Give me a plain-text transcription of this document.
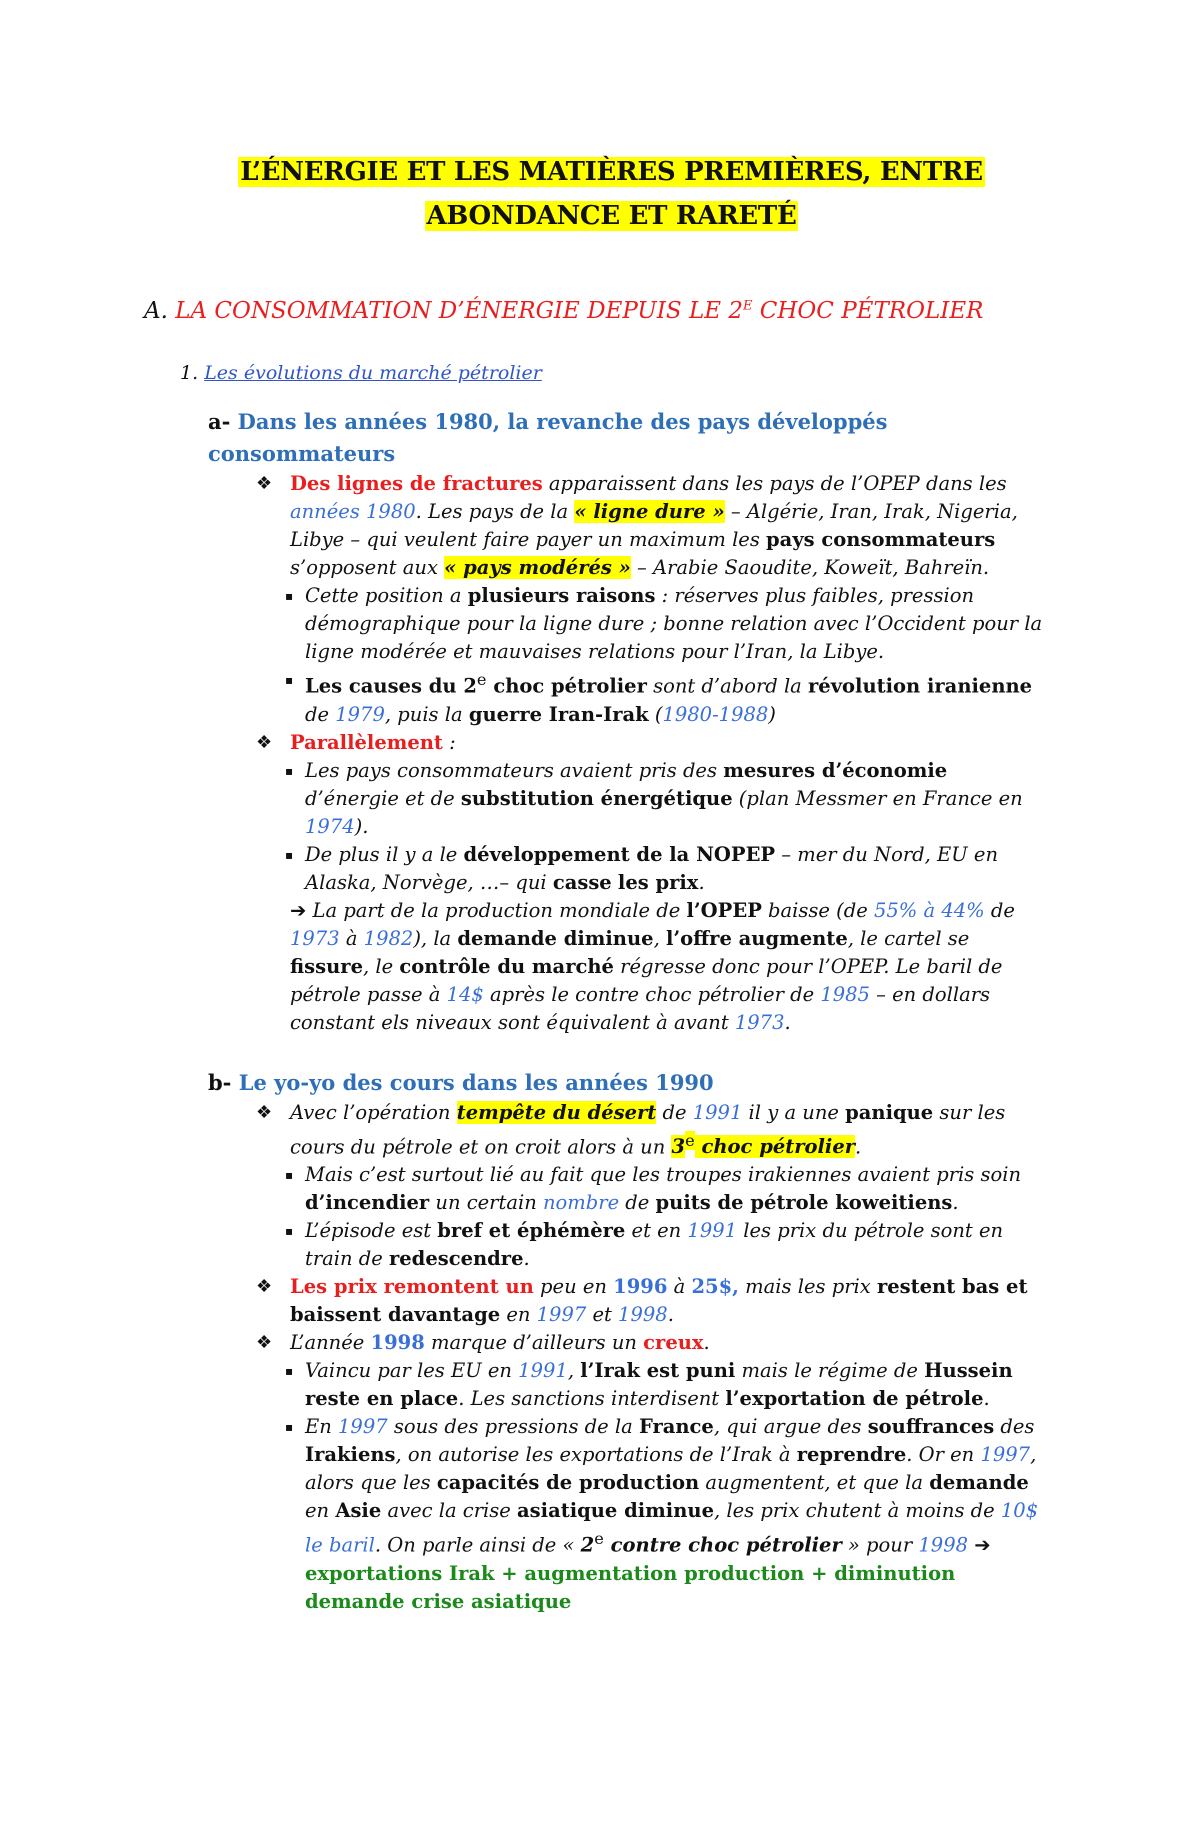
L’ÉNERGIE ET LES MATIÈRES PREMIÈRES, ENTRE
ABONDANCE ET RARETÉ
A. LA CONSOMMATION D’ÉNERGIE DEPUIS LE $2^E$ CHOC PÉTROLIER
1. Les évolutions du marché pétrolier
a- Dans les années 1980, la revanche des pays développés consommateurs
❖ Des lignes de fractures apparaissent dans les pays de l’OPEP dans les années 1980. Les pays de la « ligne dure » – Algérie, Iran, Irak, Nigeria, Libye – qui veulent faire payer un maximum les pays consommateurs s’opposent aux « pays modérés » – Arabie Saoudite, Koweït, Bahreïn.
▪ Cette position a plusieurs raisons : réserves plus faibles, pression démographique pour la ligne dure ; bonne relation avec l’Occident pour la ligne modérée et mauvaises relations pour l’Iran, la Libye.
▪ Les causes du 2e choc pétrolier sont d’abord la révolution iranienne de 1979, puis la guerre Iran-Irak (1980-1988)
❖ Parallèlement :
▪ Les pays consommateurs avaient pris des mesures d’économie d’énergie et de substitution énergétique (plan Messmer en France en 1974).
▪ De plus il y a le développement de la NOPEP – mer du Nord, EU en Alaska, Norvège, …– qui casse les prix.
➔ La part de la production mondiale de l’OPEP baisse (de 55% à 44% de 1973 à 1982), la demande diminue, l’offre augmente, le cartel se fissure, le contrôle du marché régresse donc pour l’OPEP. Le baril de pétrole passe à 14$ après le contre choc pétrolier de 1985 – en dollars constant els niveaux sont équivalent à avant 1973.
b- Le yo-yo des cours dans les années 1990
❖ Avec l’opération tempête du désert de 1991 il y a une panique sur les cours du pétrole et on croit alors à un 3e choc pétrolier.
▪ Mais c’est surtout lié au fait que les troupes irakiennes avaient pris soin d’incendier un certain nombre de puits de pétrole koweitiens.
▪ L’épisode est bref et éphémère et en 1991 les prix du pétrole sont en train de redescendre.
❖ Les prix remontent un peu en 1996 à 25$, mais les prix restent bas et baissent davantage en 1997 et 1998.
❖ L’année 1998 marque d’ailleurs un creux.
▪ Vaincu par les EU en 1991, l’Irak est puni mais le régime de Hussein reste en place. Les sanctions interdisent l’exportation de pétrole.
▪ En 1997 sous des pressions de la France, qui argue des souffrances des Irakiens, on autorise les exportations de l’Irak à reprendre. Or en 1997, alors que les capacités de production augmentent, et que la demande en Asie avec la crise asiatique diminue, les prix chutent à moins de 10$ le baril. On parle ainsi de « 2e contre choc pétrolier » pour 1998 ➔ exportations Irak + augmentation production + diminution demande crise asiatique
